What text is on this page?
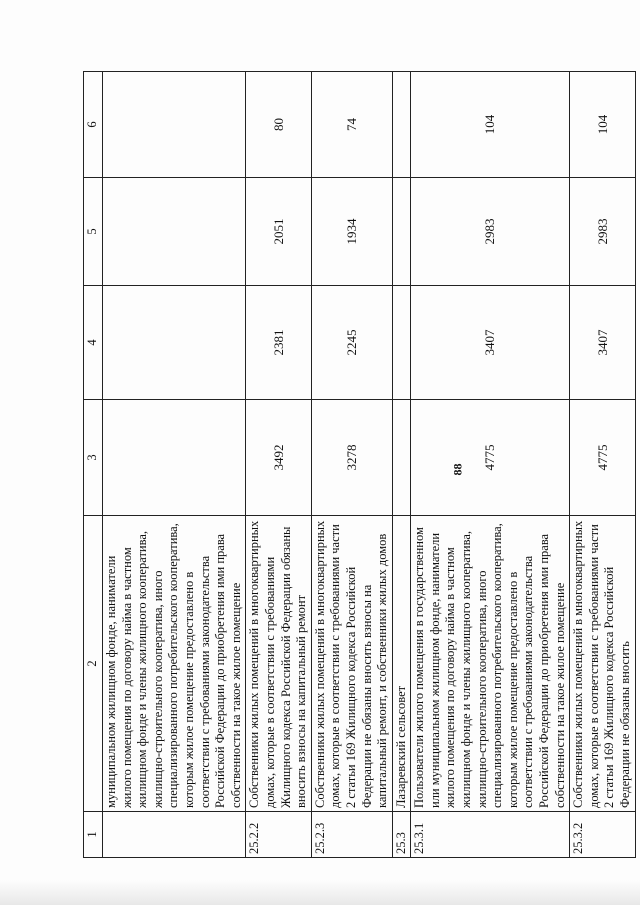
88
1	2	3	4	5	6
	муниципальном жилищном фонде, наниматели жилого помещения по договору найма в частном жилищном фонде и члены жилищного кооператива, жилищно-строительного кооператива, иного специализированного потребительского кооператива, которым жилое помещение предоставлено в соответствии с требованиями законодательства Российской Федерации до приобретения ими права собственности на такое жилое помещение				
25.2.2	Собственники жилых помещений в многоквартирных домах, которые в соответствии с требованиями Жилищного кодекса Российской Федерации обязаны вносить взносы на капитальный ремонт	3492	2381	2051	80
25.2.3	Собственники жилых помещений в многоквартирных домах, которые в соответствии с требованиями части 2 статьи 169 Жилищного кодекса Российской Федерации не обязаны вносить взносы на капитальный ремонт, и собственники жилых домов	3278	2245	1934	74
25.3	Лазаревский сельсовет				
25.3.1	Пользователи жилого помещения в государственном или муниципальном жилищном фонде, наниматели жилого помещения по договору найма в частном жилищном фонде и члены жилищного кооператива, жилищно-строительного кооператива, иного специализированного потребительского кооператива, которым жилое помещение предоставлено в соответствии с требованиями законодательства Российской Федерации до приобретения ими права собственности на такое жилое помещение	4775	3407	2983	104
25.3.2	Собственники жилых помещений в многоквартирных домах, которые в соответствии с требованиями части 2 статьи 169 Жилищного кодекса Российской Федерации не обязаны вносить	4775	3407	2983	104
